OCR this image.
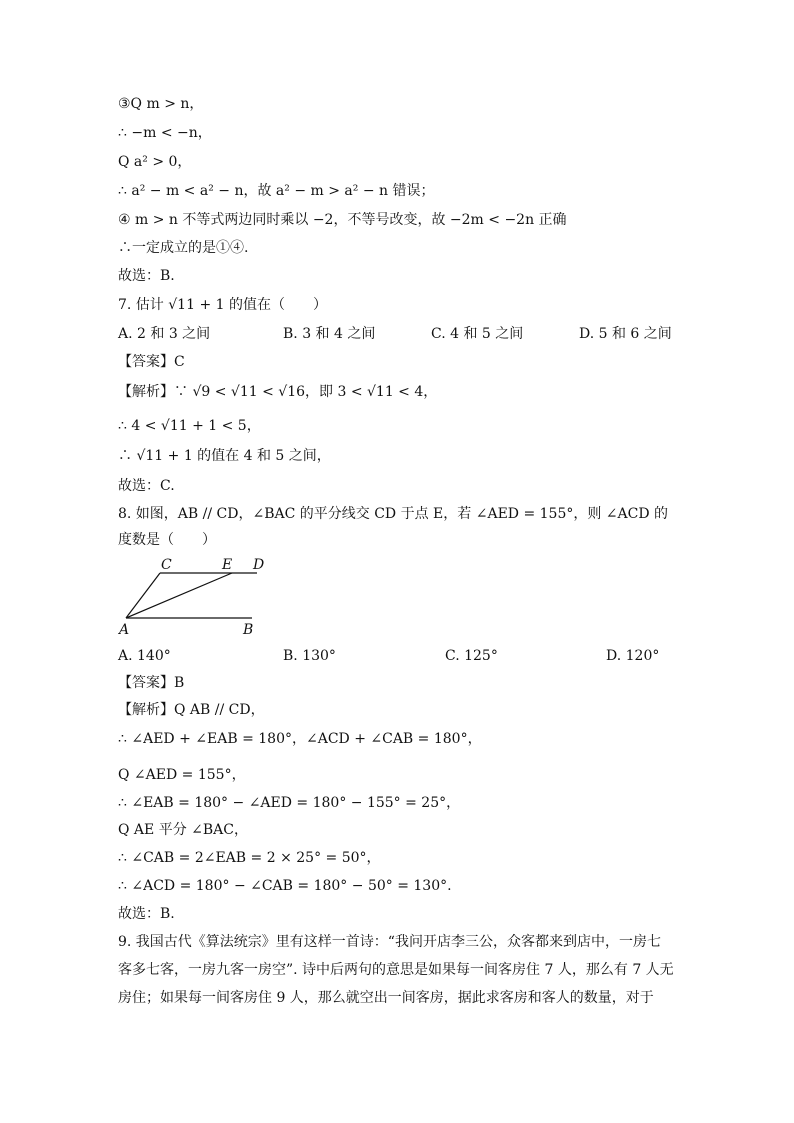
③Q m > n，
∴ −m < −n，
Q a² > 0，
∴ a² − m < a² − n，故 a² − m > a² − n 错误；
④ m > n 不等式两边同时乘以 −2，不等号改变，故 −2m < −2n 正确
∴一定成立的是①④.
故选：B.
7. 估计 √11 + 1 的值在（　　）
A. 2 和 3 之间	B. 3 和 4 之间	C. 4 和 5 之间	D. 5 和 6 之间
【答案】C
【解析】∵ √9 < √11 < √16，即 3 < √11 < 4，
∴ 4 < √11 + 1 < 5，
∴ √11 + 1 的值在 4 和 5 之间，
故选：C.
8. 如图，AB // CD，∠BAC 的平分线交 CD 于点 E，若 ∠AED = 155°，则 ∠ACD 的
度数是（　　）
C	E D
A	B
A. 140°	B. 130°	C. 125°	D. 120°
【答案】B
【解析】Q AB // CD，
∴ ∠AED + ∠EAB = 180°，∠ACD + ∠CAB = 180°，
Q ∠AED = 155°，
∴ ∠EAB = 180° − ∠AED = 180° − 155° = 25°，
Q AE 平分 ∠BAC，
∴ ∠CAB = 2∠EAB = 2 × 25° = 50°，
∴ ∠ACD = 180° − ∠CAB = 180° − 50° = 130°.
故选：B.
9. 我国古代《算法统宗》里有这样一首诗：“我问开店李三公，众客都来到店中，一房七
客多七客，一房九客一房空”. 诗中后两句的意思是如果每一间客房住 7 人，那么有 7 人无
房住；如果每一间客房住 9 人，那么就空出一间客房，据此求客房和客人的数量，对于
